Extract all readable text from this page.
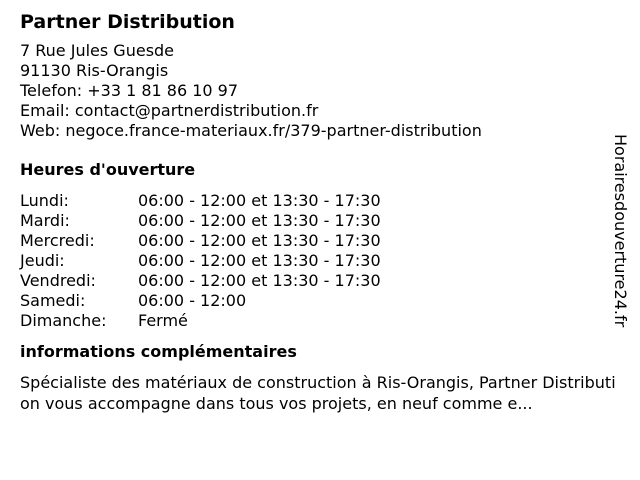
Partner Distribution
7 Rue Jules Guesde
91130 Ris-Orangis
Telefon: +33 1 81 86 10 97
Email: contact@partnerdistribution.fr
Web: negoce.france-materiaux.fr/379-partner-distribution
Heures d'ouverture
Lundi:	06:00 - 12:00 et 13:30 - 17:30
Mardi:	06:00 - 12:00 et 13:30 - 17:30
Mercredi:	06:00 - 12:00 et 13:30 - 17:30
Jeudi:	06:00 - 12:00 et 13:30 - 17:30
Vendredi:	06:00 - 12:00 et 13:30 - 17:30
Samedi:	06:00 - 12:00
Dimanche:	Fermé
informations complémentaires
Spécialiste des matériaux de construction à Ris-Orangis, Partner Distribution vous accompagne dans tous vos projets, en neuf comme e...
Horairesdouverture24.fr
